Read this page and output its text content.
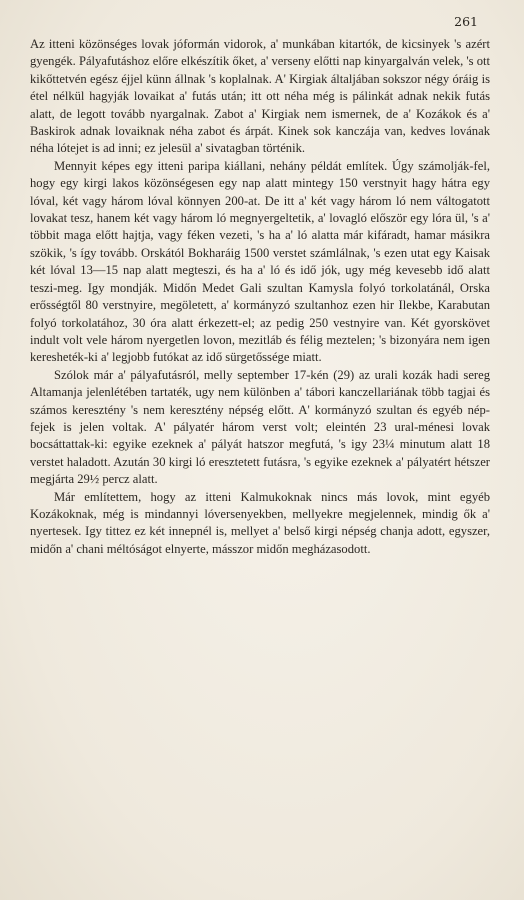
261

Az itteni közönséges lovak jóformán vidorok, a' munkában kitartók, de kicsinyek 's azért gyengék. Pályafutáshoz előre elkészítik őket, a' verseny előtti nap kinyargalván velek, 's ott kikőttetvén egész éjjel künn állnak 's koplalnak. A' Kirgiak általjában sokszor négy óráig is étel nélkül hagyják lovaikat a' futás után; itt ott néha még is pálinkát adnak nekik futás alatt, de legott tovább nyargalnak. Zabot a' Kirgiak nem ismernek, de a' Kozákok és a' Baskirok adnak lovaiknak néha zabot és árpát. Kinek sok kanczája van, kedves lovának néha lótejet is ad inni; ez jelesül a' sivatagban történik.

Mennyit képes egy itteni paripa kiállani, nehány példát említek. Úgy számolják-fel, hogy egy kirgi lakos közönségesen egy nap alatt mintegy 150 verstnyit hagy hátra egy lóval, két vagy három lóval könnyen 200-at. De itt a' két vagy három ló nem váltogatott lovakat tesz, hanem két vagy három ló megnyergeltetik, a' lovagló először egy lóra ül, 's a' többit maga előtt hajtja, vagy féken vezeti, 's ha a' ló alatta már kifáradt, hamar másikra szökik, 's így tovább. Orskától Bokharáig 1500 verstet számlálnak, 's ezen utat egy Kaisak két lóval 13—15 nap alatt megteszi, és ha a' ló és idő jók, ugy még kevesebb idő alatt teszi-meg. Igy mondják. Midőn Medet Gali szultan Kamysla folyó torkolatánál, Orska erősségtől 80 verstnyire, megöletett, a' kormányzó szultanhoz ezen hir Ilekbe, Karabutan folyó torkolatához, 30 óra alatt érkezett-el; az pedig 250 vestnyire van. Két gyorskövet indult volt vele három nyergetlen lovon, mezitláb és félig meztelen; 's bizonyára nem igen keresheték-ki a' legjobb futókat az idő sürgetőssége miatt.

Szólok már a' pályafutásról, melly september 17-kén (29) az urali kozák hadi sereg Altamanja jelenlétében tartaték, ugy nem különben a' tábori kanczellariának több tagjai és számos keresztény 's nem keresztény népség előtt. A' kormányzó szultan és egyéb nép-fejek is jelen voltak. A' pályatér három verst volt; eleintén 23 ural-ménesi lovak bocsáttattak-ki: egyike ezeknek a' pályát hatszor megfutá, 's igy 23¼ minutum alatt 18 verstet haladott. Azután 30 kirgi ló eresztetett futásra, 's egyike ezeknek a' pályatért hétszer megjárta 29½ percz alatt.

Már említettem, hogy az itteni Kalmukoknak nincs más lovok, mint egyéb Kozákoknak, még is mindannyi lóversenyekben, mellyekre megjelennek, mindig ők a' nyertesek. Igy tittez ez két innepnél is, mellyet a' belső kirgi népség chanja adott, egyszer, midőn a' chani méltóságot elnyerte, másszor midőn megházasodott.
